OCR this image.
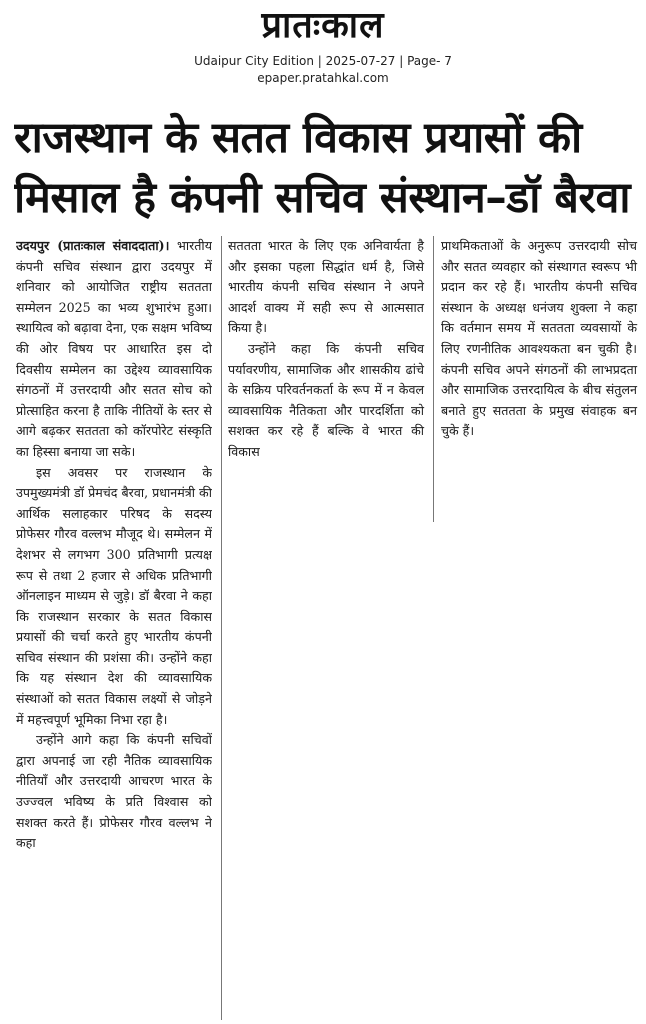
प्रातःकाल
Udaipur City Edition | 2025-07-27 | Page- 7
epaper.pratahkal.com
राजस्थान के सतत विकास प्रयासों की
मिसाल है कंपनी सचिव संस्थान–डॉ बैरवा

उदयपुर (प्रातःकाल संवाददाता)। भारतीय कंपनी सचिव संस्थान द्वारा उदयपुर में शनिवार को आयोजित राष्ट्रीय सततता सम्मेलन 2025 का भव्य शुभारंभ हुआ। स्थायित्व को बढ़ावा देना, एक सक्षम भविष्य की ओर विषय पर आधारित इस दो दिवसीय सम्मेलन का उद्देश्य व्यावसायिक संगठनों में उत्तरदायी और सतत सोच को प्रोत्साहित करना है ताकि नीतियों के स्तर से आगे बढ़कर सततता को कॉरपोरेट संस्कृति का हिस्सा बनाया जा सके।

इस अवसर पर राजस्थान के उपमुख्यमंत्री डॉ प्रेमचंद बैरवा, प्रधानमंत्री की आर्थिक सलाहकार परिषद के सदस्य प्रोफेसर गौरव वल्लभ मौजूद थे। सम्मेलन में देशभर से लगभग 300 प्रतिभागी प्रत्यक्ष रूप से तथा 2 हजार से अधिक प्रतिभागी ऑनलाइन माध्यम से जुड़े। डॉ बैरवा ने कहा कि राजस्थान सरकार के सतत विकास प्रयासों की चर्चा करते हुए भारतीय कंपनी सचिव संस्थान की प्रशंसा की। उन्होंने कहा कि यह संस्थान देश की व्यावसायिक संस्थाओं को सतत विकास लक्ष्यों से जोड़ने में महत्त्वपूर्ण भूमिका निभा रहा है।

उन्होंने आगे कहा कि कंपनी सचिवों द्वारा अपनाई जा रही नैतिक व्यावसायिक नीतियाँ और उत्तरदायी आचरण भारत के उज्ज्वल भविष्य के प्रति विश्वास को सशक्त करते हैं। प्रोफेसर गौरव वल्लभ ने कहा

सततता भारत के लिए एक अनिवार्यता है और इसका पहला सिद्धांत धर्म है, जिसे भारतीय कंपनी सचिव संस्थान ने अपने आदर्श वाक्य में सही रूप से आत्मसात किया है।

उन्होंने कहा कि कंपनी सचिव पर्यावरणीय, सामाजिक और शासकीय ढांचे के सक्रिय परिवर्तनकर्ता के रूप में न केवल व्यावसायिक नैतिकता और पारदर्शिता को सशक्त कर रहे हैं बल्कि वे भारत की विकास

प्राथमिकताओं के अनुरूप उत्तरदायी सोच और सतत व्यवहार को संस्थागत स्वरूप भी प्रदान कर रहे हैं। भारतीय कंपनी सचिव संस्थान के अध्यक्ष धनंजय शुक्ला ने कहा कि वर्तमान समय में सततता व्यवसायों के लिए रणनीतिक आवश्यकता बन चुकी है। कंपनी सचिव अपने संगठनों की लाभप्रदता और सामाजिक उत्तरदायित्व के बीच संतुलन बनाते हुए सततता के प्रमुख संवाहक बन चुके हैं।
